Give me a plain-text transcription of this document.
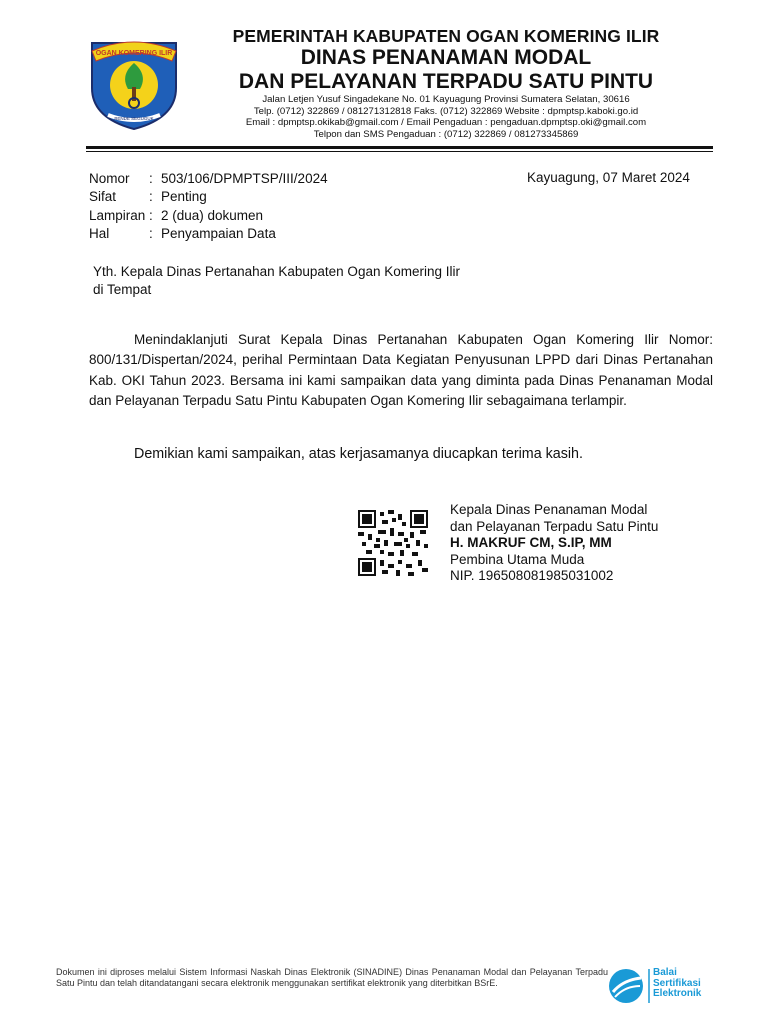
OGAN KOMERING ILIR
BENDE SEGUGUK
PEMERINTAH KABUPATEN OGAN KOMERING ILIR
DINAS PENANAMAN MODAL
DAN PELAYANAN TERPADU SATU PINTU
Jalan Letjen Yusuf Singadekane No. 01 Kayuagung Provinsi Sumatera Selatan, 30616
Telp. (0712) 322869 / 081271312818 Faks. (0712) 322869 Website : dpmptsp.kaboki.go.id
Email : dpmptsp.okikab@gmail.com / Email Pengaduan : pengaduan.dpmptsp.oki@gmail.com
Telpon dan SMS Pengaduan : (0712) 322869 / 081273345869
Nomor	: 503/106/DPMPTSP/III/2024
Sifat	: Penting
Lampiran : 2 (dua) dokumen
Hal	: Penyampaian Data
Kayuagung, 07 Maret 2024
Yth. Kepala Dinas Pertanahan Kabupaten Ogan Komering Ilir
di Tempat
Menindaklanjuti Surat Kepala Dinas Pertanahan Kabupaten Ogan Komering Ilir Nomor: 800/131/Dispertan/2024, perihal Permintaan Data Kegiatan Penyusunan LPPD dari Dinas Pertanahan Kab. OKI Tahun 2023. Bersama ini kami sampaikan data yang diminta pada Dinas Penanaman Modal dan Pelayanan Terpadu Satu Pintu Kabupaten Ogan Komering Ilir sebagaimana terlampir.
Demikian kami sampaikan, atas kerjasamanya diucapkan terima kasih.
Kepala Dinas Penanaman Modal
dan Pelayanan Terpadu Satu Pintu
H. MAKRUF CM, S.IP, MM
Pembina Utama Muda
NIP. 196508081985031002
Dokumen ini diproses melalui Sistem Informasi Naskah Dinas Elektronik (SINADINE) Dinas Penanaman Modal dan Pelayanan Terpadu Satu Pintu dan telah ditandatangani secara elektronik menggunakan sertifikat elektronik yang diterbitkan BSrE.
Balai
Sertifikasi
Elektronik
